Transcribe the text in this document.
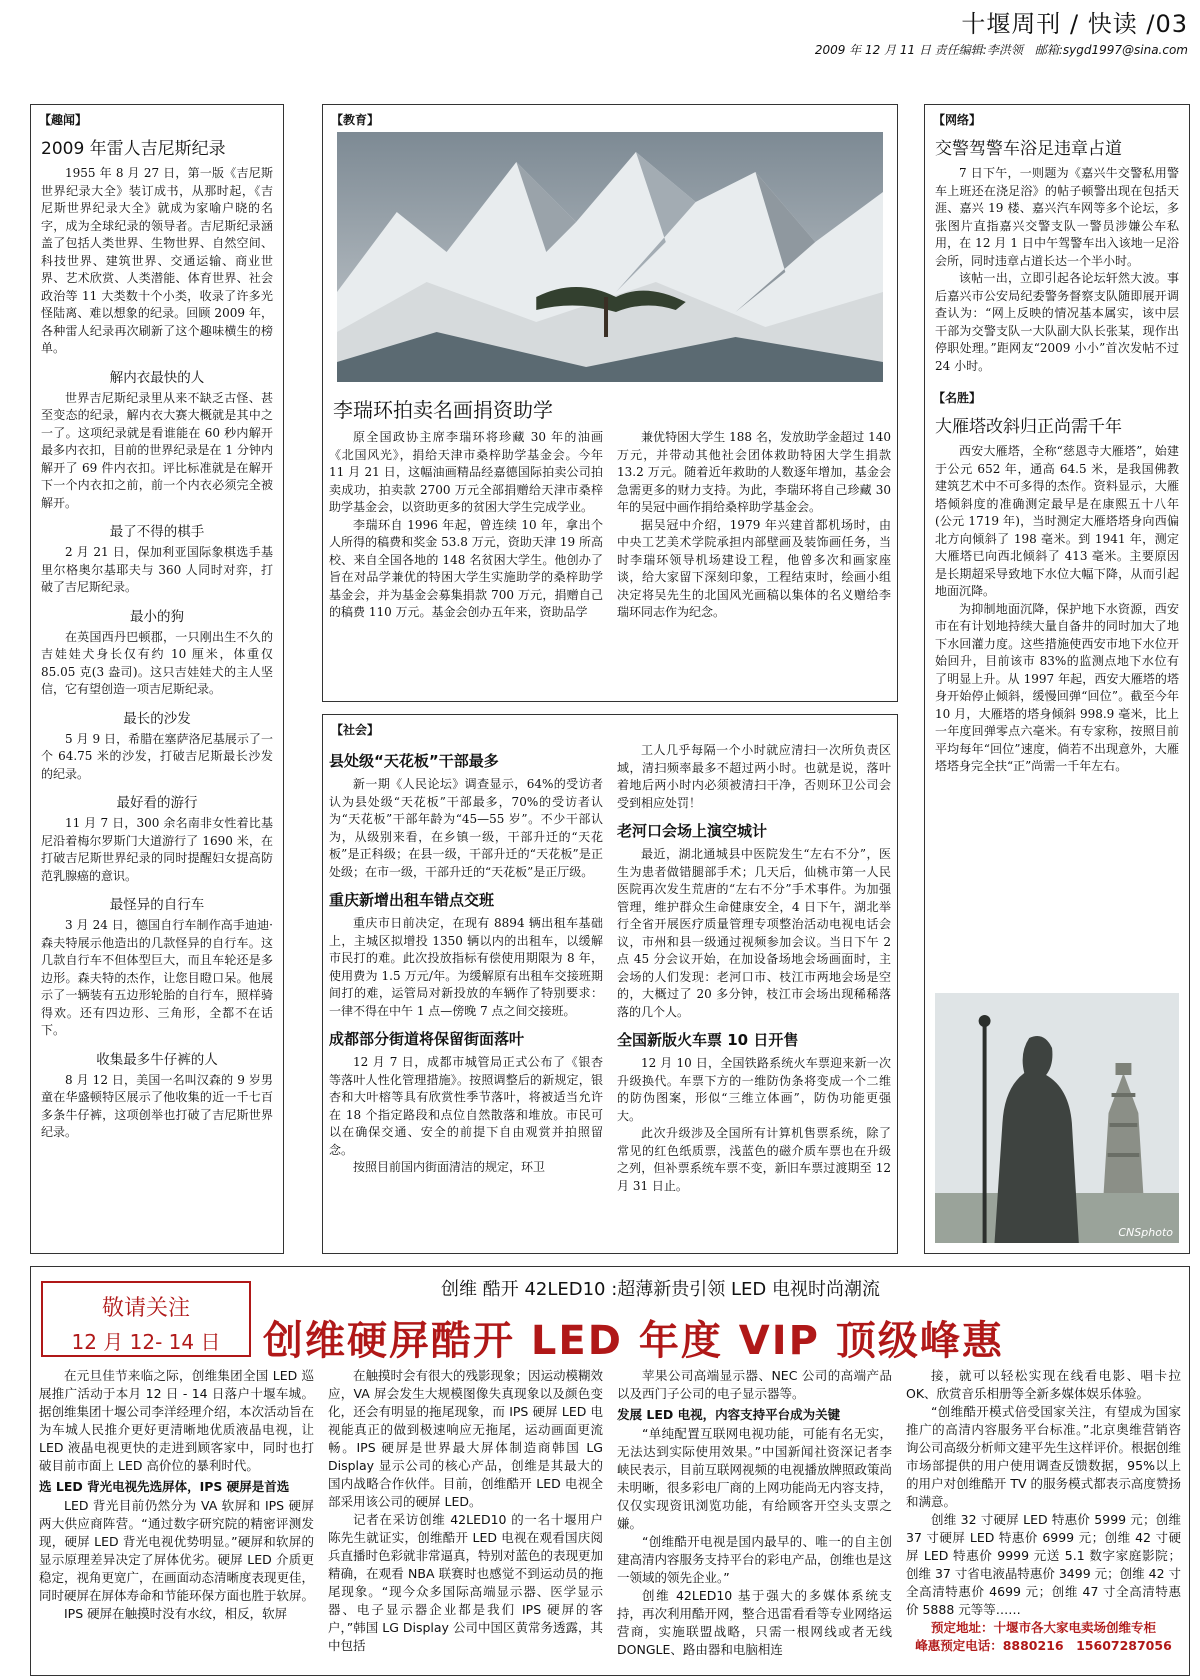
十堰周刊 / 快读 /03
2009 年 12 月 11 日 责任编辑:李洪领　邮箱:sygd1997@sina.com
【趣闻】
2009 年雷人吉尼斯纪录

1955 年 8 月 27 日，第一版《吉尼斯世界纪录大全》装订成书，从那时起，《吉尼斯世界纪录大全》就成为家喻户晓的名字，成为全球纪录的领导者。吉尼斯纪录涵盖了包括人类世界、生物世界、自然空间、科技世界、建筑世界、交通运输、商业世界、艺术欣赏、人类潜能、体育世界、社会政治等 11 大类数十个小类，收录了许多光怪陆离、难以想象的纪录。回顾 2009 年，各种雷人纪录再次刷新了这个趣味横生的榜单。

解内衣最快的人

世界吉尼斯纪录里从来不缺乏古怪、甚至变态的纪录，解内衣大赛大概就是其中之一了。这项纪录就是看谁能在 60 秒内解开最多内衣扣，目前的世界纪录是在 1 分钟内解开了 69 件内衣扣。评比标准就是在解开下一个内衣扣之前，前一个内衣必须完全被解开。

最了不得的棋手

2 月 21 日，保加利亚国际象棋选手基里尔格奥尔基耶夫与 360 人同时对弈，打破了吉尼斯纪录。

最小的狗

在英国西丹巴顿郡，一只刚出生不久的吉娃娃犬身长仅有约 10 厘米，体重仅 85.05 克(3 盎司)。这只吉娃娃犬的主人坚信，它有望创造一项吉尼斯纪录。

最长的沙发

5 月 9 日，希腊在塞萨洛尼基展示了一个 64.75 米的沙发，打破吉尼斯最长沙发的纪录。

最好看的游行

11 月 7 日，300 余名南非女性着比基尼沿着梅尔罗斯门大道游行了 1690 米，在打破吉尼斯世界纪录的同时提醒妇女提高防范乳腺癌的意识。

最怪异的自行车

3 月 24 日，德国自行车制作高手迪迪·森夫特展示他造出的几款怪异的自行车。这几款自行车不但体型巨大，而且车轮还是多边形。森夫特的杰作，让您目瞪口呆。他展示了一辆装有五边形轮胎的自行车，照样骑得欢。还有四边形、三角形，全都不在话下。

收集最多牛仔裤的人

8 月 12 日，美国一名叫汉森的 9 岁男童在华盛顿特区展示了他收集的近一千七百多条牛仔裤，这项创举也打破了吉尼斯世界纪录。

【教育】
李瑞环拍卖名画捐资助学

原全国政协主席李瑞环将珍藏 30 年的油画《北国风光》，捐给天津市桑梓助学基金会。今年 11 月 21 日，这幅油画精品经嘉德国际拍卖公司拍卖成功，拍卖款 2700 万元全部捐赠给天津市桑梓助学基金会，以资助更多的贫困大学生完成学业。

李瑞环自 1996 年起，曾连续 10 年，拿出个人所得的稿费和奖金 53.8 万元，资助天津 19 所高校、来自全国各地的 148 名贫困大学生。他创办了旨在对品学兼优的特困大学生实施助学的桑梓助学基金会，并为基金会募集捐款 700 万元，捐赠自己的稿费 110 万元。基金会创办五年来，资助品学

兼优特困大学生 188 名，发放助学金超过 140 万元，并带动其他社会团体救助特困大学生捐款 13.2 万元。随着近年救助的人数逐年增加，基金会急需更多的财力支持。为此，李瑞环将自己珍藏 30 年的吴冠中画作捐给桑梓助学基金会。

据吴冠中介绍，1979 年兴建首都机场时，由中央工艺美术学院承担内部壁画及装饰画任务，当时李瑞环领导机场建设工程，他曾多次和画家座谈，给大家留下深刻印象，工程结束时，绘画小组决定将吴先生的北国风光画稿以集体的名义赠给李瑞环同志作为纪念。

【社会】
县处级“天花板”干部最多

新一期《人民论坛》调查显示，64%的受访者认为县处级“天花板”干部最多，70%的受访者认为“天花板”干部年龄为“45—55 岁”。不少干部认为，从级别来看，在乡镇一级，干部升迁的“天花板”是正科级；在县一级，干部升迁的“天花板”是正处级；在市一级，干部升迁的“天花板”是正厅级。

重庆新增出租车错点交班

重庆市日前决定，在现有 8894 辆出租车基础上，主城区拟增投 1350 辆以内的出租车，以缓解市民打的难。此次投放指标有偿使用期限为 8 年，使用费为 1.5 万元/年。为缓解原有出租车交接班期间打的难，运管局对新投放的车辆作了特别要求：一律不得在中午 1 点—傍晚 7 点之间交接班。

成都部分街道将保留街面落叶

12 月 7 日，成都市城管局正式公布了《银杏等落叶人性化管理措施》。按照调整后的新规定，银杏和大叶榕等具有欣赏性季节落叶，将被适当允许在 18 个指定路段和点位自然散落和堆放。市民可以在确保交通、安全的前提下自由观赏并拍照留念。

按照目前国内街面清洁的规定，环卫

工人几乎每隔一个小时就应清扫一次所负责区域，清扫频率最多不超过两小时。也就是说，落叶着地后两小时内必须被清扫干净，否则环卫公司会受到相应处罚！

老河口会场上演空城计

最近，湖北通城县中医院发生“左右不分”，医生为患者做错腿部手术；几天后，仙桃市第一人民医院再次发生荒唐的“左右不分”手术事件。为加强管理，维护群众生命健康安全，4 日下午，湖北举行全省开展医疗质量管理专项整治活动电视电话会议，市州和县一级通过视频参加会议。当日下午 2 点 45 分会议开始，在加设备场地会场画面时，主会场的人们发现：老河口市、枝江市两地会场是空的，大概过了 20 多分钟，枝江市会场出现稀稀落落的几个人。

全国新版火车票 10 日开售

12 月 10 日，全国铁路系统火车票迎来新一次升级换代。车票下方的一维防伪条将变成一个二维的防伪图案，形似“三维立体画”，防伪功能更强大。

此次升级涉及全国所有计算机售票系统，除了常见的红色纸质票，浅蓝色的磁介质车票也在升级之列，但补票系统车票不变，新旧车票过渡期至 12 月 31 日止。

【网络】
交警驾警车浴足违章占道

7 日下午，一则题为《嘉兴牛交警私用警车上班还在浇足浴》的帖子顿警出现在包括天涯、嘉兴 19 楼、嘉兴汽车网等多个论坛，多张图片直指嘉兴交警支队一警员涉嫌公车私用，在 12 月 1 日中午驾警车出入该地一足浴会所，同时违章占道长达一个半小时。

该帖一出，立即引起各论坛轩然大波。事后嘉兴市公安局纪委警务督察支队随即展开调查认为：“网上反映的情况基本属实，该中层干部为交警支队一大队副大队长张某，现作出停职处理。”距网友“2009 小小”首次发帖不过 24 小时。

【名胜】
大雁塔改斜归正尚需千年

西安大雁塔，全称“慈恩寺大雁塔”，始建于公元 652 年，通高 64.5 米，是我国佛教建筑艺术中不可多得的杰作。资料显示，大雁塔倾斜度的准确测定最早是在康熙五十八年(公元 1719 年)，当时测定大雁塔塔身向西偏北方向倾斜了 198 毫米。到 1941 年，测定大雁塔已向西北倾斜了 413 毫米。主要原因是长期超采导致地下水位大幅下降，从而引起地面沉降。

为抑制地面沉降，保护地下水资源，西安市在有计划地持续大量自备井的同时加大了地下水回灌力度。这些措施使西安市地下水位开始回升，目前该市 83%的监测点地下水位有了明显上升。从 1997 年起，西安大雁塔的塔身开始停止倾斜，缓慢回弹“回位”。截至今年 10 月，大雁塔的塔身倾斜 998.9 毫米，比上一年度回弹零点六毫米。有专家称，按照目前平均每年“回位”速度，倘若不出现意外，大雁塔塔身完全扶“正”尚需一千年左右。

CNSphoto
敬请关注
12 月 12- 14 日
创维 酷开 42LED10 :超薄新贵引领 LED 电视时尚潮流
创维硬屏酷开 LED 年度 VIP 顶级峰惠

在元旦佳节来临之际，创维集团全国 LED 巡展推广活动于本月 12 日 - 14 日落户十堰车城。据创维集团十堰公司李洋经理介绍，本次活动旨在为车城人民推介更好更清晰地优质液晶电视，让 LED 液晶电视更快的走进到顾客家中，同时也打破目前市面上 LED 高价位的暴利时代。

选 LED 背光电视先选屏体，IPS 硬屏是首选

LED 背光目前仍然分为 VA 软屏和 IPS 硬屏两大供应商阵营。“通过数字研究院的精密评测发现，硬屏 LED 背光电视优势明显。”硬屏和软屏的显示原理差异决定了屏体优劣。硬屏 LED 介质更稳定，视角更宽广，在画面动态清晰度表现更佳，同时硬屏在屏体寿命和节能环保方面也胜于软屏。

IPS 硬屏在触摸时没有水纹，相反，软屏

在触摸时会有很大的残影现象；因运动模糊效应，VA 屏会发生大规模图像失真现象以及颜色变化，还会有明显的拖尾现象，而 IPS 硬屏 LED 电视能真正的做到极速响应无拖尾，运动画面更流畅。IPS 硬屏是世界最大屏体制造商韩国 LG Display 显示公司的核心产品，创维是其最大的国内战略合作伙伴。目前，创维酷开 LED 电视全部采用该公司的硬屏 LED。

记者在采访创维 42LED10 的一名十堰用户陈先生就证实，创维酷开 LED 电视在观看国庆阅兵直播时色彩就非常逼真，特别对蓝色的表现更加精确，在观看 NBA 联赛时也感觉不到运动员的拖尾现象。“现今众多国际高端显示器、医学显示器、电子显示器企业都是我们 IPS 硬屏的客户，”韩国 LG Display 公司中国区黄常务透露，其中包括

苹果公司高端显示器、NEC 公司的高端产品以及西门子公司的电子显示器等。

发展 LED 电视，内容支持平台成为关键

“单纯配置互联网电视功能，可能有名无实，无法达到实际使用效果。”中国新闻社资深记者李峡民表示，目前互联网视频的电视播放牌照政策尚未明晰，很多彩电厂商的上网功能尚无内容支持，仅仅实现资讯浏览功能，有给顾客开空头支票之嫌。

“创维酷开电视是国内最早的、唯一的自主创建高清内容服务支持平台的彩电产品，创维也是这一领域的领先企业。”

创维 42LED10 基于强大的多媒体系统支持，再次利用酷开网，整合迅雷看看等专业网络运营商，实施联盟战略，只需一根网线或者无线 DONGLE、路由器和电脑相连

接，就可以轻松实现在线看电影、唱卡拉 OK、欣赏音乐相册等全新多媒体娱乐体验。

“创维酷开模式倍受国家关注，有望成为国家推广的高清内容服务平台标准。”北京奥维营销咨询公司高级分析师文建平先生这样评价。根据创维市场部提供的用户使用调查反馈数据，95%以上的用户对创维酷开 TV 的服务模式都表示高度赞扬和满意。

创维 32 寸硬屏 LED 特惠价 5999 元；创维 37 寸硬屏 LED 特惠价 6999 元；创维 42 寸硬屏 LED 特惠价 9999 元送 5.1 数字家庭影院；创维 37 寸省电液晶特惠价 3499 元；创维 42 寸全高清特惠价 4699 元；创维 47 寸全高清特惠价 5888 元等等……

预定地址：十堰市各大家电卖场创维专柜
峰惠预定电话：8880216　15607287056
